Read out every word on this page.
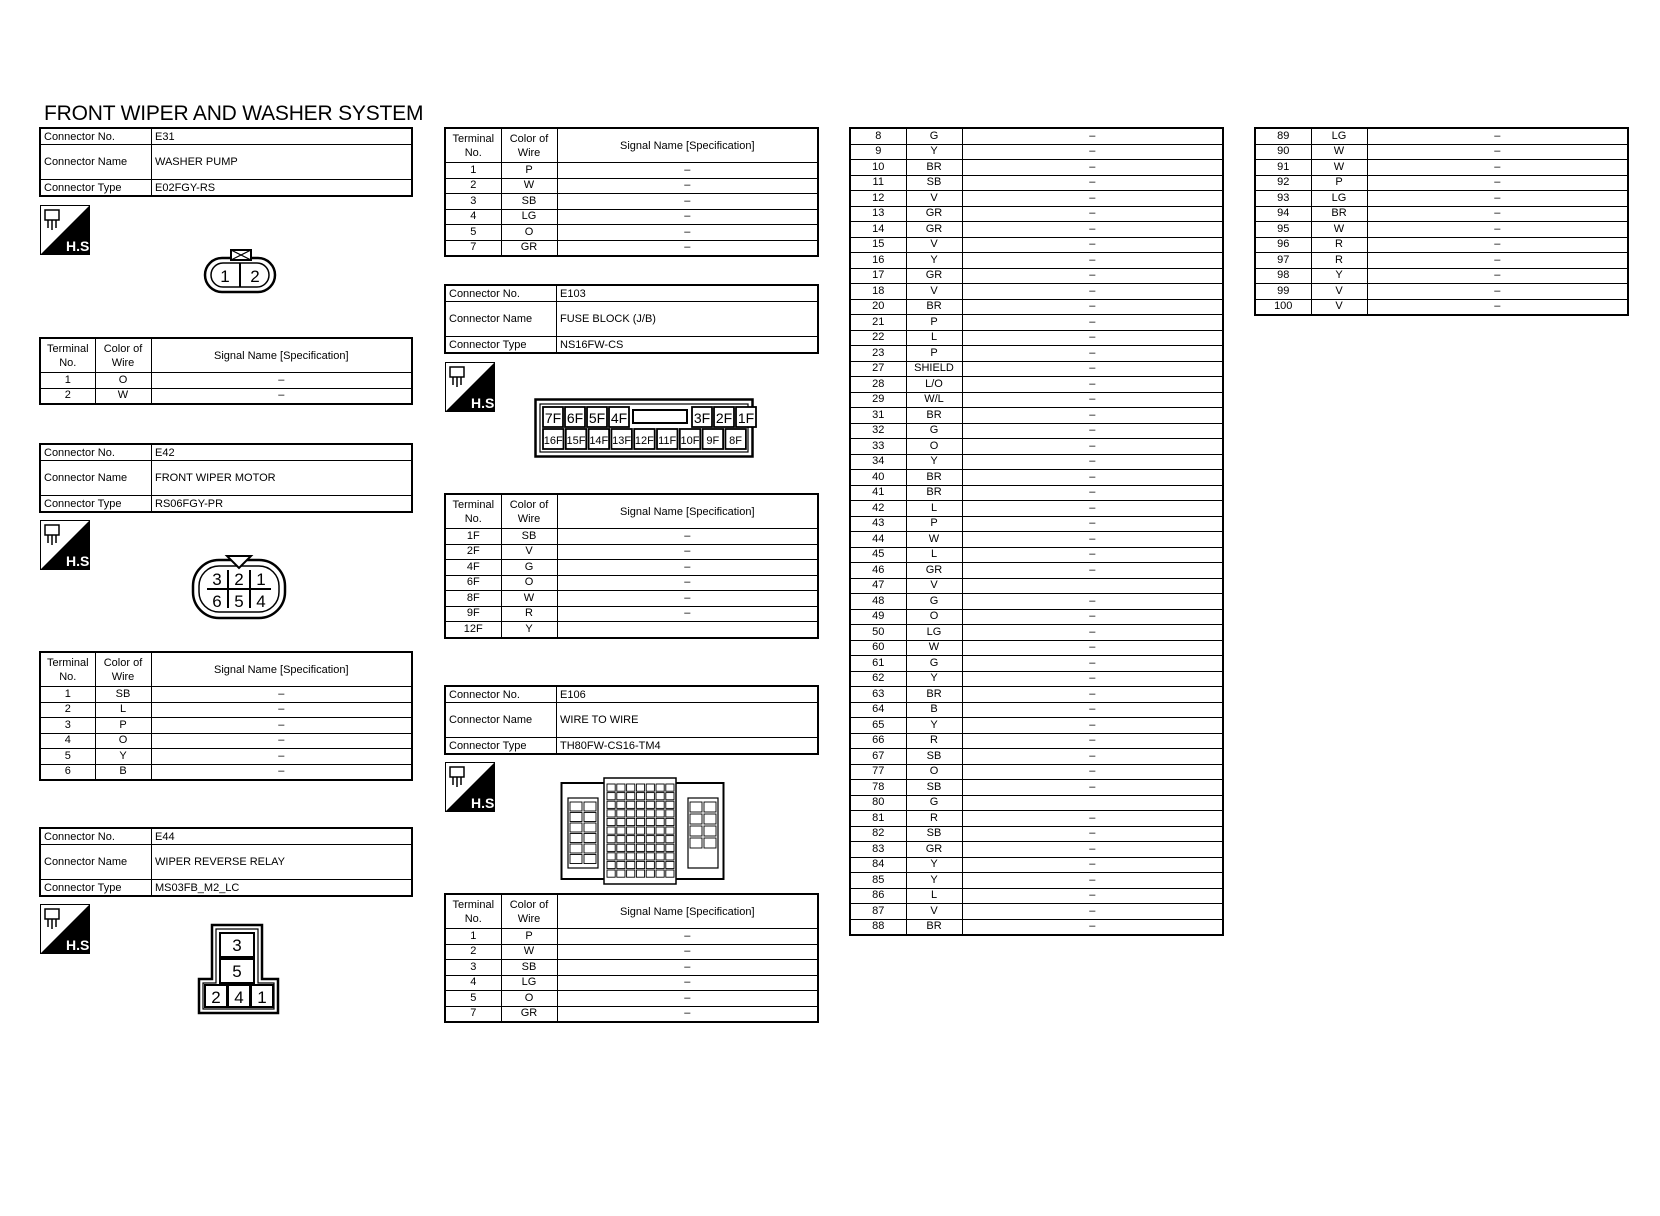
FRONT WIPER AND WASHER SYSTEM
Connector No.	E31
Connector Name	WASHER PUMP
Connector Type	E02FGY-RS
H.S.
1 2
Terminal No.	Color of Wire	Signal Name [Specification]
1	O	–
2	W	–
Connector No.	E42
Connector Name	FRONT WIPER MOTOR
Connector Type	RS06FGY-PR
H.S.
3 2 1
6 5 4
Terminal No.	Color of Wire	Signal Name [Specification]
1	SB	–
2	L	–
3	P	–
4	O	–
5	Y	–
6	B	–
Connector No.	E44
Connector Name	WIPER REVERSE RELAY
Connector Type	MS03FB_M2_LC
H.S.	3
5
2 4 1
Terminal No.	Color of Wire	Signal Name [Specification]
1	P	–
2	W	–
3	SB	–
4	LG	–
5	O	–
7	GR	–
Connector No.	E103
Connector Name	FUSE BLOCK (J/B)
Connector Type	NS16FW-CS
H.S.
7F 6F 5F 4F	3F 2F 1F
16F 15F 14F 13F 12F 11F 10F 9F 8F
Terminal No.	Color of Wire	Signal Name [Specification]
1F	SB	–
2F	V	–
4F	G	–
6F	O	–
8F	W	–
9F	R	–
12F	Y	
Connector No.	E106
Connector Name	WIRE TO WIRE
Connector Type	TH80FW-CS16-TM4
H.S.
Terminal No.	Color of Wire	Signal Name [Specification]
1	P	–
2	W	–
3	SB	–
4	LG	–
5	O	–
7	GR	–
8	G	–
9	Y	–
10	BR	–
11	SB	–
12	V	–
13	GR	–
14	GR	–
15	V	–
16	Y	–
17	GR	–
18	V	–
20	BR	–
21	P	–
22	L	–
23	P	–
27	SHIELD	–
28	L/O	–
29	W/L	–
31	BR	–
32	G	–
33	O	–
34	Y	–
40	BR	–
41	BR	–
42	L	–
43	P	–
44	W	–
45	L	–
46	GR	–
47	V	
48	G	–
49	O	–
50	LG	–
60	W	–
61	G	–
62	Y	–
63	BR	–
64	B	–
65	Y	–
66	R	–
67	SB	–
77	O	–
78	SB	–
80	G	
81	R	–
82	SB	–
83	GR	–
84	Y	–
85	Y	–
86	L	–
87	V	–
88	BR	–
89	LG	–
90	W	–
91	W	–
92	P	–
93	LG	–
94	BR	–
95	W	–
96	R	–
97	R	–
98	Y	–
99	V	–
100	V	–
